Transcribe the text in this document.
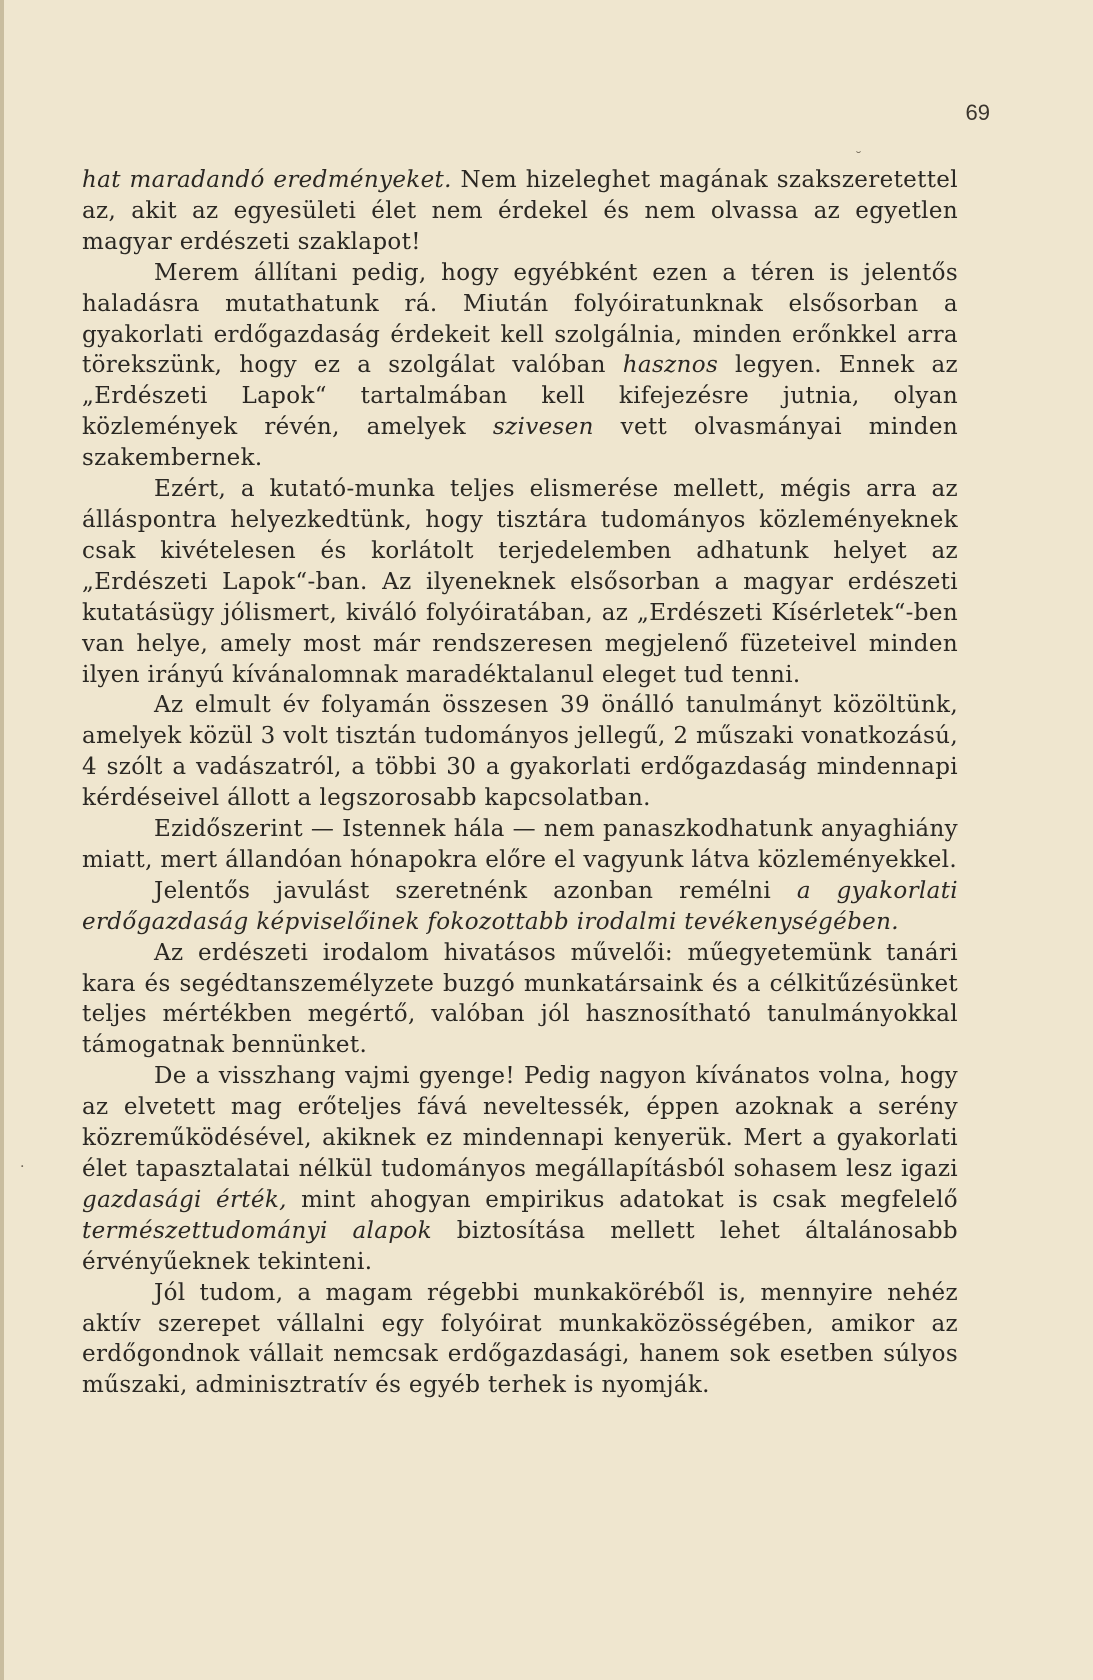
69

hat maradandó eredményeket. Nem hizeleghet magának szakszeretettel az, akit az egyesületi élet nem érdekel és nem olvassa az egyetlen magyar erdészeti szaklapot!

Merem állítani pedig, hogy egyébként ezen a téren is jelentős haladásra mutathatunk rá. Miután folyóiratunknak elsősorban a gyakorlati erdőgazdaság érdekeit kell szolgálnia, minden erőnkkel arra törekszünk, hogy ez a szolgálat valóban hasznos legyen. Ennek az „Erdészeti Lapok“ tartalmában kell kifejezésre jutnia, olyan közlemények révén, amelyek szivesen vett olvasmányai minden szakembernek.

Ezért, a kutató-munka teljes elismerése mellett, mégis arra az álláspontra helyezkedtünk, hogy tisztára tudományos közleményeknek csak kivételesen és korlátolt terjedelemben adhatunk helyet az „Erdészeti Lapok“-ban. Az ilyeneknek elsősorban a magyar erdészeti kutatásügy jólismert, kiváló folyóiratában, az „Erdészeti Kísérletek“-ben van helye, amely most már rendszeresen megjelenő füzeteivel minden ilyen irányú kívánalomnak maradéktalanul eleget tud tenni.

Az elmult év folyamán összesen 39 önálló tanulmányt közöltünk, amelyek közül 3 volt tisztán tudományos jellegű, 2 műszaki vonatkozású, 4 szólt a vadászatról, a többi 30 a gyakorlati erdőgazdaság mindennapi kérdéseivel állott a legszorosabb kapcsolatban.

Ezidőszerint — Istennek hála — nem panaszkodhatunk anyaghiány miatt, mert állandóan hónapokra előre el vagyunk látva közleményekkel.

Jelentős javulást szeretnénk azonban remélni a gyakorlati erdőgazdaság képviselőinek fokozottabb irodalmi tevékenységében.

Az erdészeti irodalom hivatásos művelői: műegyetemünk tanári kara és segédtanszemélyzete buzgó munkatársaink és a célkitűzésünket teljes mértékben megértő, valóban jól hasznosítható tanulmányokkal támogatnak bennünket.

De a visszhang vajmi gyenge! Pedig nagyon kívánatos volna, hogy az elvetett mag erőteljes fává neveltessék, éppen azoknak a serény közreműködésével, akiknek ez mindennapi kenyerük. Mert a gyakorlati élet tapasztalatai nélkül tudományos megállapításból sohasem lesz igazi gazdasági érték, mint ahogyan empirikus adatokat is csak megfelelő természettudományi alapok biztosítása mellett lehet általánosabb érvényűeknek tekinteni.

Jól tudom, a magam régebbi munkaköréből is, mennyire nehéz aktív szerepet vállalni egy folyóirat munkaközösségében, amikor az erdőgondnok vállait nemcsak erdőgazdasági, hanem sok esetben súlyos műszaki, adminisztratív és egyéb terhek is nyomják.

˘
.
